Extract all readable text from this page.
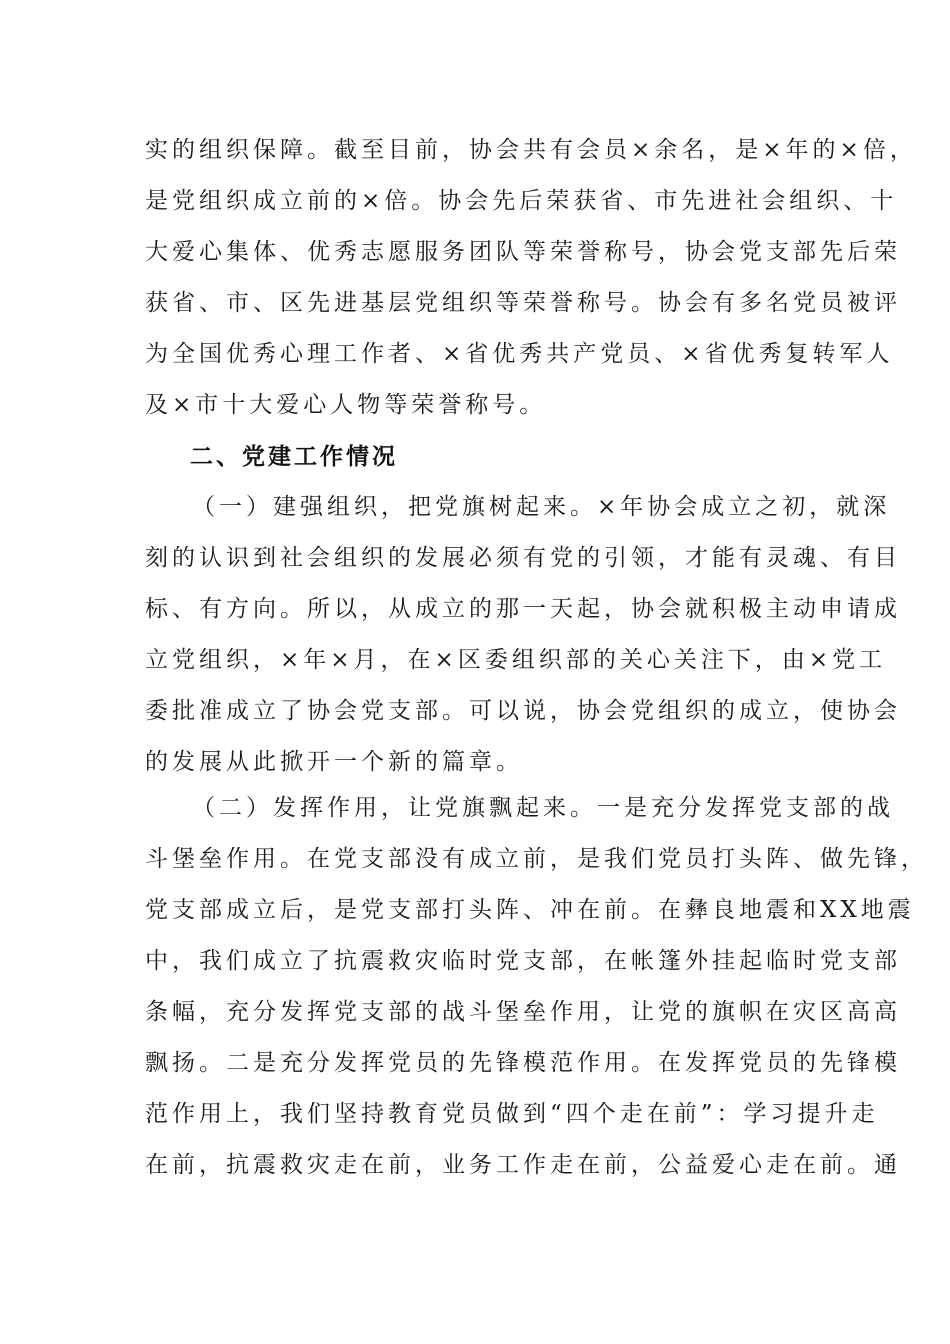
实的组织保障。截至目前，协会共有会员×余名，是×年的×倍，
是党组织成立前的×倍。协会先后荣获省、市先进社会组织、十
大爱心集体、优秀志愿服务团队等荣誉称号，协会党支部先后荣
获省、市、区先进基层党组织等荣誉称号。协会有多名党员被评
为全国优秀心理工作者、×省优秀共产党员、×省优秀复转军人
及×市十大爱心人物等荣誉称号。
二、党建工作情况
（一）建强组织，把党旗树起来。×年协会成立之初，就深
刻的认识到社会组织的发展必须有党的引领，才能有灵魂、有目
标、有方向。所以，从成立的那一天起，协会就积极主动申请成
立党组织，×年×月，在×区委组织部的关心关注下，由×党工
委批准成立了协会党支部。可以说，协会党组织的成立，使协会
的发展从此掀开一个新的篇章。
（二）发挥作用，让党旗飘起来。一是充分发挥党支部的战
斗堡垒作用。在党支部没有成立前，是我们党员打头阵、做先锋，
党支部成立后，是党支部打头阵、冲在前。在彝良地震和XX地震
中，我们成立了抗震救灾临时党支部，在帐篷外挂起临时党支部
条幅，充分发挥党支部的战斗堡垒作用，让党的旗帜在灾区高高
飘扬。二是充分发挥党员的先锋模范作用。在发挥党员的先锋模
范作用上，我们坚持教育党员做到“四个走在前”：学习提升走
在前，抗震救灾走在前，业务工作走在前，公益爱心走在前。通
